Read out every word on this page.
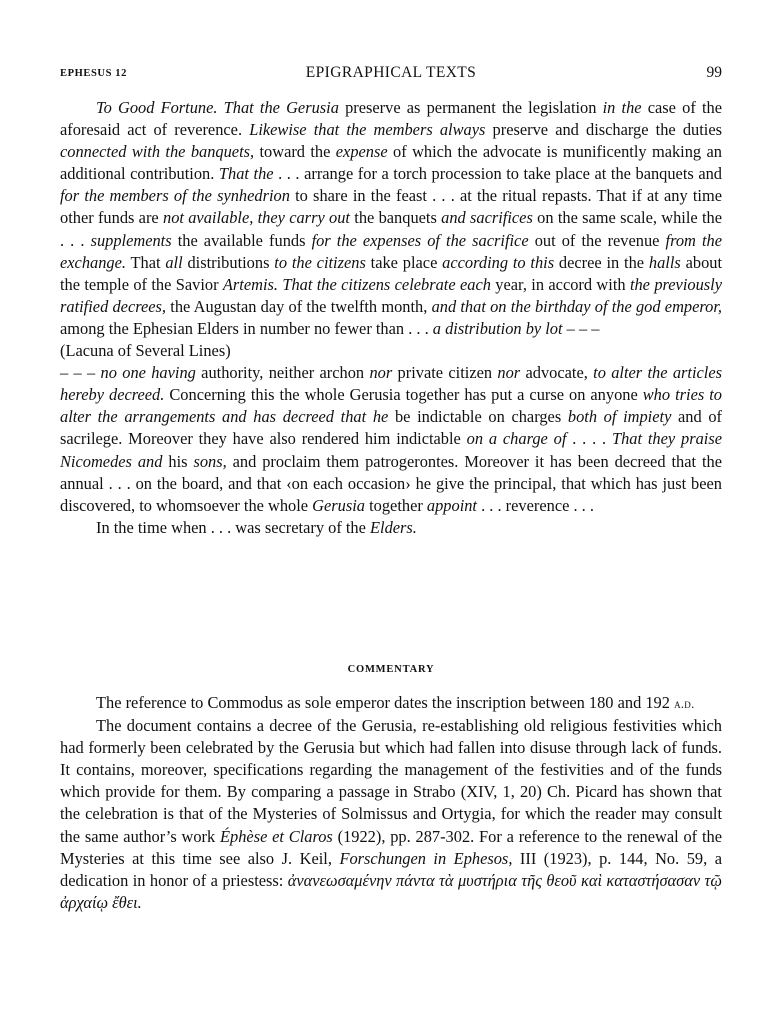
EPHESUS 12	EPIGRAPHICAL TEXTS	99

To Good Fortune. That the Gerusia preserve as permanent the legislation in the case of the aforesaid act of reverence. Likewise that the members always preserve and discharge the duties connected with the banquets, toward the expense of which the advocate is munificently making an additional contribution. That the . . . arrange for a torch procession to take place at the banquets and for the members of the synhedrion to share in the feast . . . at the ritual repasts. That if at any time other funds are not available, they carry out the banquets and sacrifices on the same scale, while the . . . supplements the available funds for the expenses of the sacrifice out of the revenue from the exchange. That all distributions to the citizens take place according to this decree in the halls about the temple of the Savior Artemis. That the citizens celebrate each year, in accord with the previously ratified decrees, the Augustan day of the twelfth month, and that on the birthday of the god emperor, among the Ephesian Elders in number no fewer than . . . a distribution by lot – – –

(Lacuna of Several Lines)

– – – no one having authority, neither archon nor private citizen nor advocate, to alter the articles hereby decreed. Concerning this the whole Gerusia together has put a curse on anyone who tries to alter the arrangements and has decreed that he be indictable on charges both of impiety and of sacrilege. Moreover they have also rendered him indictable on a charge of . . . . That they praise Nicomedes and his sons, and proclaim them patrogerontes. Moreover it has been decreed that the annual . . . on the board, and that ‹on each occasion› he give the principal, that which has just been discovered, to whomsoever the whole Gerusia together appoint . . . reverence . . .

In the time when . . . was secretary of the Elders.

COMMENTARY

The reference to Commodus as sole emperor dates the inscription between 180 and 192 a.d.

The document contains a decree of the Gerusia, re-establishing old religious festivities which had formerly been celebrated by the Gerusia but which had fallen into disuse through lack of funds. It contains, moreover, specifications regarding the management of the festivities and of the funds which provide for them. By comparing a passage in Strabo (XIV, 1, 20) Ch. Picard has shown that the celebration is that of the Mysteries of Solmissus and Ortygia, for which the reader may consult the same author’s work Éphèse et Claros (1922), pp. 287-302. For a reference to the renewal of the Mysteries at this time see also J. Keil, Forschungen in Ephesos, III (1923), p. 144, No. 59, a dedication in honor of a priestess: ἀνανεωσαμένην πάντα τὰ μυστήρια τῆς θεοῦ καὶ καταστήσασαν τῷ ἀρχαίῳ ἔθει.
